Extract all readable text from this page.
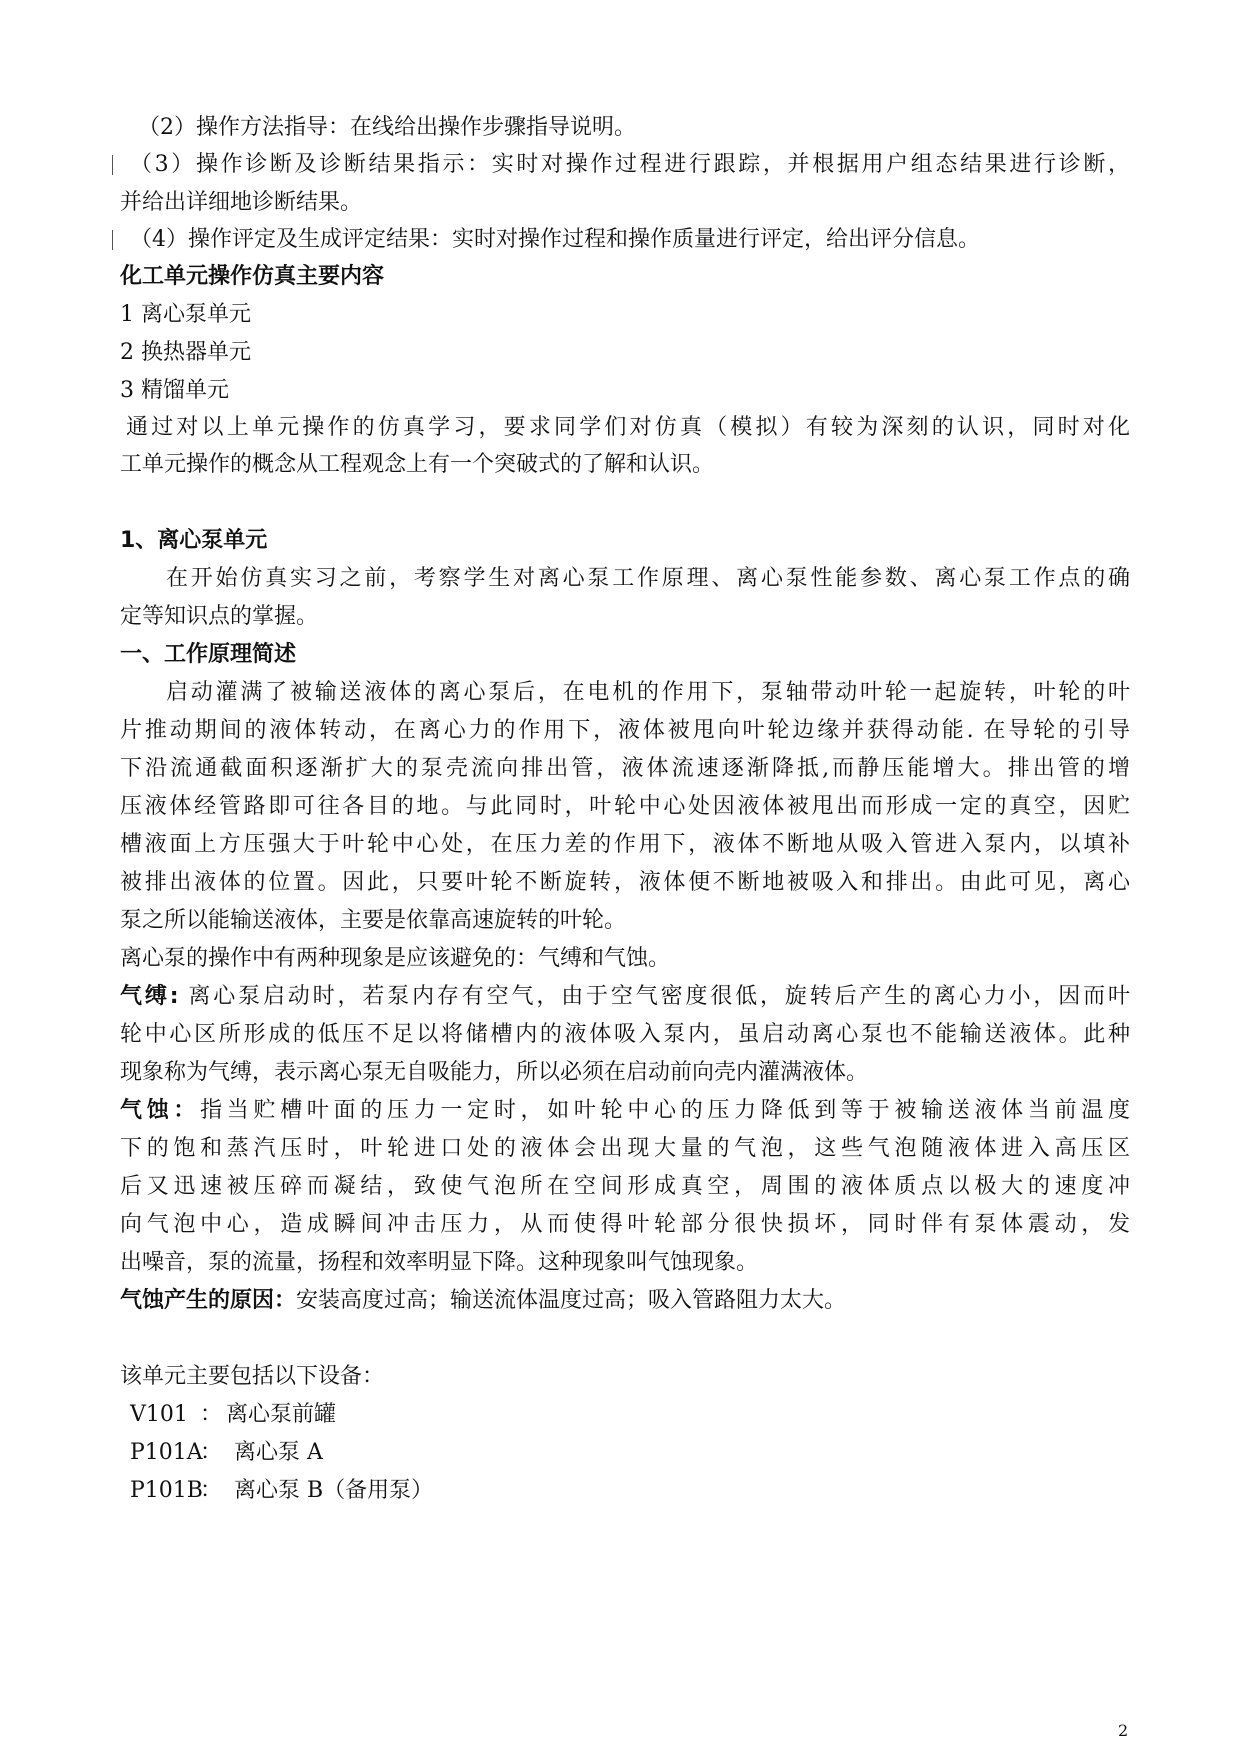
（2）操作方法指导：在线给出操作步骤指导说明。
（3）操作诊断及诊断结果指示：实时对操作过程进行跟踪，并根据用户组态结果进行诊断，
并给出详细地诊断结果。
（4）操作评定及生成评定结果：实时对操作过程和操作质量进行评定，给出评分信息。
化工单元操作仿真主要内容
1 离心泵单元
2 换热器单元
3 精馏单元
通过对以上单元操作的仿真学习，要求同学们对仿真（模拟）有较为深刻的认识，同时对化
工单元操作的概念从工程观念上有一个突破式的了解和认识。
1、离心泵单元
在开始仿真实习之前，考察学生对离心泵工作原理、离心泵性能参数、离心泵工作点的确
定等知识点的掌握。
一、工作原理简述
启动灌满了被输送液体的离心泵后，在电机的作用下，泵轴带动叶轮一起旋转，叶轮的叶
片推动期间的液体转动，在离心力的作用下，液体被甩向叶轮边缘并获得动能. 在导轮的引导
下沿流通截面积逐渐扩大的泵壳流向排出管，液体流速逐渐降抵,而静压能增大。排出管的增
压液体经管路即可往各目的地。与此同时，叶轮中心处因液体被甩出而形成一定的真空，因贮
槽液面上方压强大于叶轮中心处，在压力差的作用下，液体不断地从吸入管进入泵内，以填补
被排出液体的位置。因此，只要叶轮不断旋转，液体便不断地被吸入和排出。由此可见，离心
泵之所以能输送液体，主要是依靠高速旋转的叶轮。
离心泵的操作中有两种现象是应该避免的：气缚和气蚀。
气缚: 离心泵启动时，若泵内存有空气，由于空气密度很低，旋转后产生的离心力小，因而叶
轮中心区所形成的低压不足以将储槽内的液体吸入泵内，虽启动离心泵也不能输送液体。此种
现象称为气缚，表示离心泵无自吸能力，所以必须在启动前向壳内灌满液体。
气蚀：指当贮槽叶面的压力一定时，如叶轮中心的压力降低到等于被输送液体当前温度
下的饱和蒸汽压时，叶轮进口处的液体会出现大量的气泡，这些气泡随液体进入高压区
后又迅速被压碎而凝结，致使气泡所在空间形成真空，周围的液体质点以极大的速度冲
向气泡中心，造成瞬间冲击压力，从而使得叶轮部分很快损坏，同时伴有泵体震动，发
出噪音，泵的流量，扬程和效率明显下降。这种现象叫气蚀现象。
气蚀产生的原因：安装高度过高；输送流体温度过高；吸入管路阻力太大。
该单元主要包括以下设备：
V101 ： 离心泵前罐
P101A： 离心泵 A
P101B： 离心泵 B（备用泵）
2
